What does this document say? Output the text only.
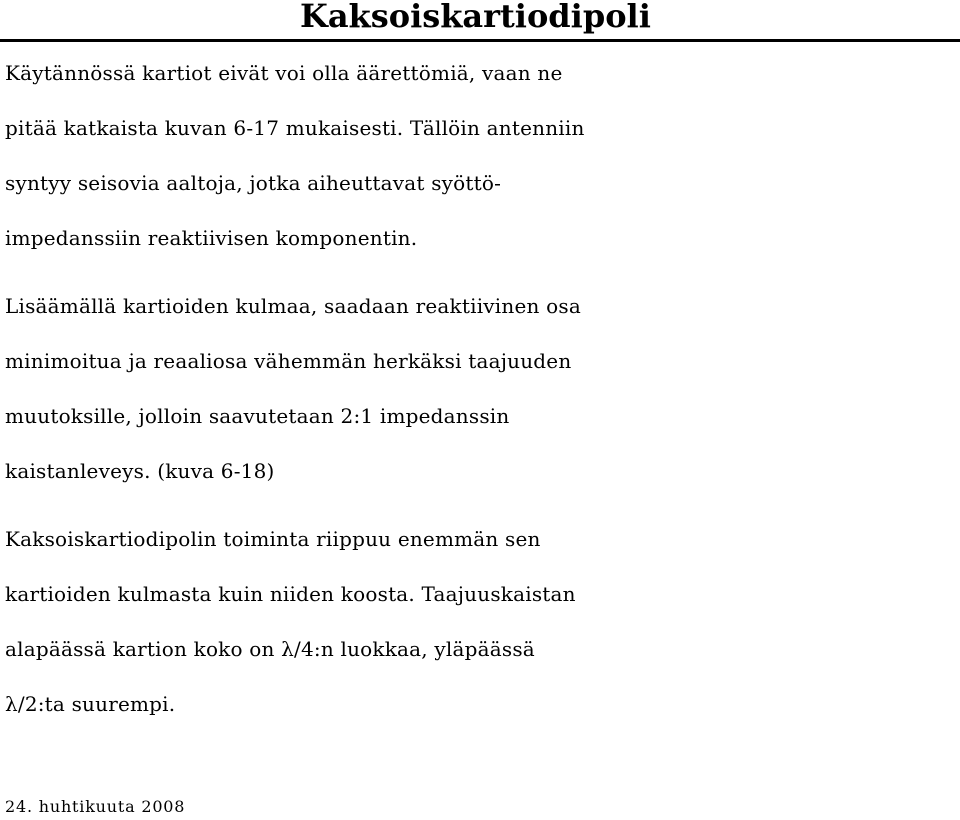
Kaksoiskartiodipoli

Käytännössä kartiot eivät voi olla äärettömiä, vaan ne
pitää katkaista kuvan 6-17 mukaisesti. Tällöin antenniin
syntyy seisovia aaltoja, jotka aiheuttavat syöttö-
impedanssiin reaktiivisen komponentin.

Lisäämällä kartioiden kulmaa, saadaan reaktiivinen osa
minimoitua ja reaaliosa vähemmän herkäksi taajuuden
muutoksille, jolloin saavutetaan 2:1 impedanssin
kaistanleveys. (kuva 6-18)

Kaksoiskartiodipolin toiminta riippuu enemmän sen
kartioiden kulmasta kuin niiden koosta. Taajuuskaistan
alapäässä kartion koko on λ/4:n luokkaa, yläpäässä
λ/2:ta suurempi.

24. huhtikuuta 2008
